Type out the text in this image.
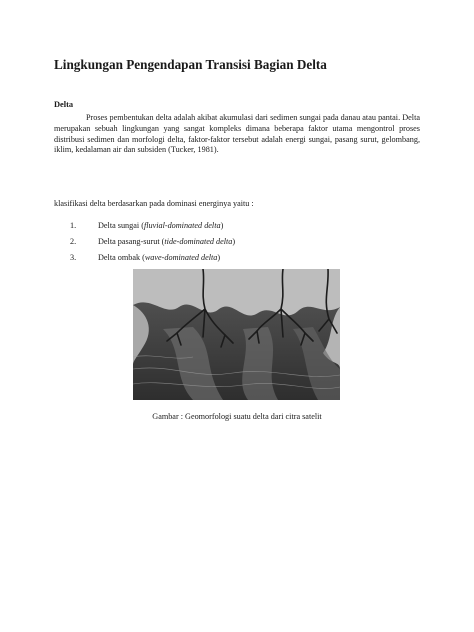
Lingkungan Pengendapan Transisi Bagian Delta
Delta

Proses pembentukan delta adalah akibat akumulasi dari sedimen sungai pada danau atau pantai. Delta merupakan sebuah lingkungan yang sangat kompleks dimana beberapa faktor utama mengontrol proses distribusi sedimen dan morfologi delta, faktor-faktor tersebut adalah energi sungai, pasang surut, gelombang, iklim, kedalaman air dan subsiden (Tucker, 1981).

klasifikasi delta berdasarkan pada dominasi energinya yaitu :
1.	Delta sungai (fluvial-dominated delta)
2.	Delta pasang-surut (tide-dominated delta)
3.	Delta ombak (wave-dominated delta)
Gambar : Geomorfologi suatu delta dari citra satelit
